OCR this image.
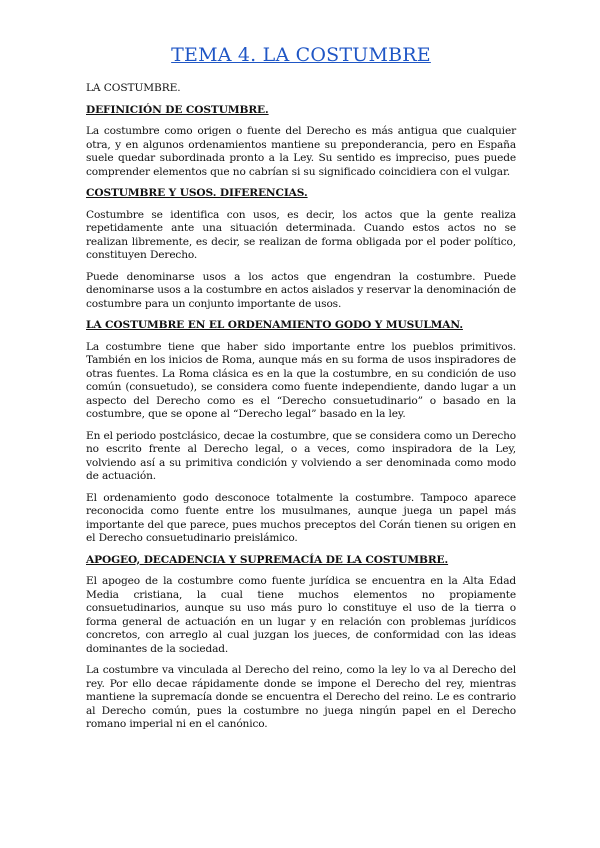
TEMA 4. LA COSTUMBRE
LA COSTUMBRE.
DEFINICIÓN DE COSTUMBRE.

La costumbre como origen o fuente del Derecho es más antigua que cualquier otra, y en algunos ordenamientos mantiene su preponderancia, pero en España suele quedar subordinada pronto a la Ley. Su sentido es impreciso, pues puede comprender elementos que no cabrían si su significado coincidiera con el vulgar.

COSTUMBRE Y USOS. DIFERENCIAS.

Costumbre se identifica con usos, es decir, los actos que la gente realiza repetidamente ante una situación determinada. Cuando estos actos no se realizan libremente, es decir, se realizan de forma obligada por el poder político, constituyen Derecho.

Puede denominarse usos a los actos que engendran la costumbre. Puede denominarse usos a la costumbre en actos aislados y reservar la denominación de costumbre para un conjunto importante de usos.

LA COSTUMBRE EN EL ORDENAMIENTO GODO Y MUSULMAN.

La costumbre tiene que haber sido importante entre los pueblos primitivos. También en los inicios de Roma, aunque más en su forma de usos inspiradores de otras fuentes. La Roma clásica es en la que la costumbre, en su condición de uso común (consuetudo), se considera como fuente independiente, dando lugar a un aspecto del Derecho como es el “Derecho consuetudinario” o basado en la costumbre, que se opone al “Derecho legal” basado en la ley.

En el periodo postclásico, decae la costumbre, que se considera como un Derecho no escrito frente al Derecho legal, o a veces, como inspiradora de la Ley, volviendo así a su primitiva condición y volviendo a ser denominada como modo de actuación.

El ordenamiento godo desconoce totalmente la costumbre. Tampoco aparece reconocida como fuente entre los musulmanes, aunque juega un papel más importante del que parece, pues muchos preceptos del Corán tienen su origen en el Derecho consuetudinario preislámico.

APOGEO, DECADENCIA Y SUPREMACÍA DE LA COSTUMBRE.

El apogeo de la costumbre como fuente jurídica se encuentra en la Alta Edad Media cristiana, la cual tiene muchos elementos no propiamente consuetudinarios, aunque su uso más puro lo constituye el uso de la tierra o forma general de actuación en un lugar y en relación con problemas jurídicos concretos, con arreglo al cual juzgan los jueces, de conformidad con las ideas dominantes de la sociedad.

La costumbre va vinculada al Derecho del reino, como la ley lo va al Derecho del rey. Por ello decae rápidamente donde se impone el Derecho del rey, mientras mantiene la supremacía donde se encuentra el Derecho del reino. Le es contrario al Derecho común, pues la costumbre no juega ningún papel en el Derecho romano imperial ni en el canónico.
